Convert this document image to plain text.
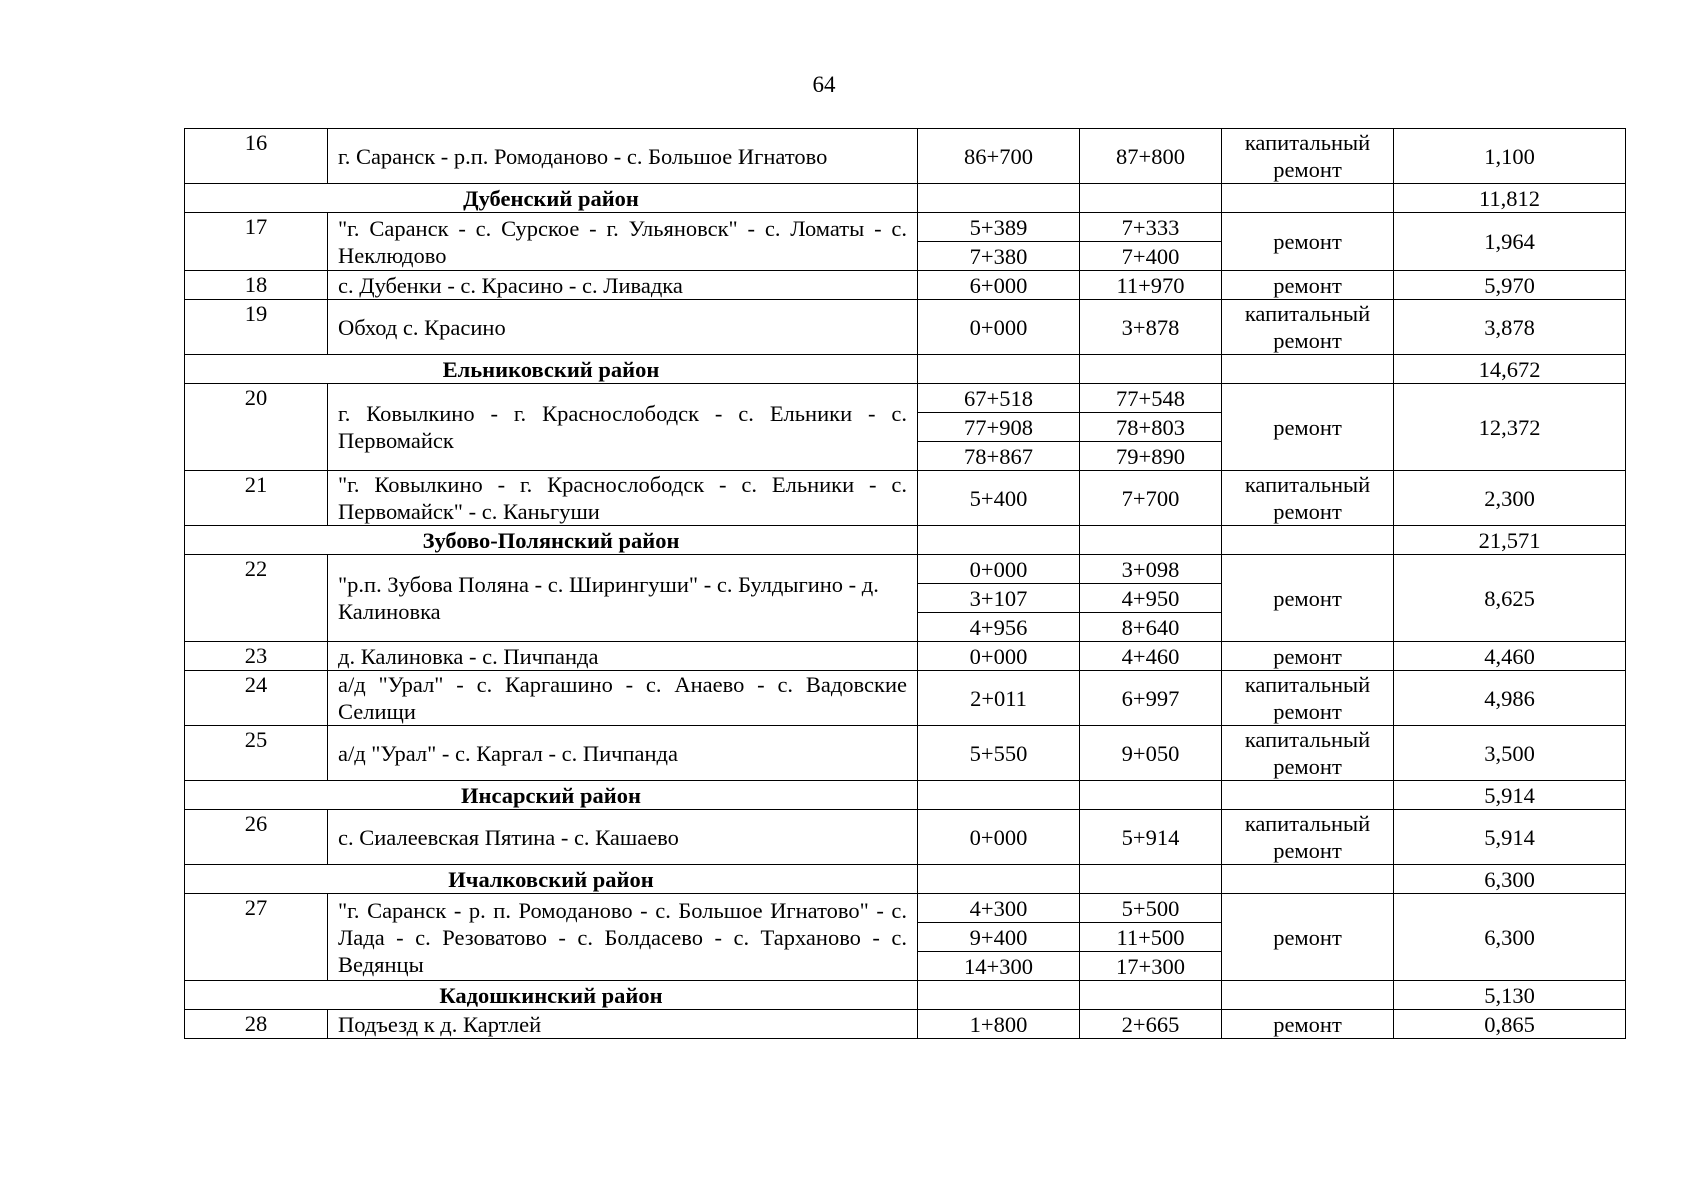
64
16	г. Саранск - р.п. Ромоданово - с. Большое Игнатово	86+700	87+800	капитальный ремонт	1,100
Дубенский район					11,812
17	"г. Саранск - с. Сурское - г. Ульяновск" - с. Ломаты - с. Неклюдово	5+389	7+333	ремонт	1,964
		7+380	7+400		
18	с. Дубенки - с. Красино - с. Ливадка	6+000	11+970	ремонт	5,970
19	Обход с. Красино	0+000	3+878	капитальный ремонт	3,878
Ельниковский район					14,672
20	г. Ковылкино - г. Краснослободск - с. Ельники - с. Первомайск	67+518	77+548	ремонт	12,372
		77+908	78+803		
		78+867	79+890		
21	"г. Ковылкино - г. Краснослободск - с. Ельники - с. Первомайск" - с. Каньгуши	5+400	7+700	капитальный ремонт	2,300
Зубово-Полянский район					21,571
22	"р.п. Зубова Поляна - с. Ширингуши" - с. Булдыгино - д. Калиновка	0+000	3+098	ремонт	8,625
		3+107	4+950		
		4+956	8+640		
23	д. Калиновка - с. Пичпанда	0+000	4+460	ремонт	4,460
24	а/д "Урал" - с. Каргашино - с. Анаево - с. Вадовские Селищи	2+011	6+997	капитальный ремонт	4,986
25	а/д "Урал" - с. Каргал - с. Пичпанда	5+550	9+050	капитальный ремонт	3,500
Инсарский район					5,914
26	с. Сиалеевская Пятина - с. Кашаево	0+000	5+914	капитальный ремонт	5,914
Ичалковский район					6,300
27	"г. Саранск - р. п. Ромоданово - с. Большое Игнатово" - с. Лада - с. Резоватово - с. Болдасево - с. Тарханово - с. Ведянцы	4+300	5+500	ремонт	6,300
		9+400	11+500		
		14+300	17+300		
Кадошкинский район					5,130
28	Подъезд к д. Картлей	1+800	2+665	ремонт	0,865
